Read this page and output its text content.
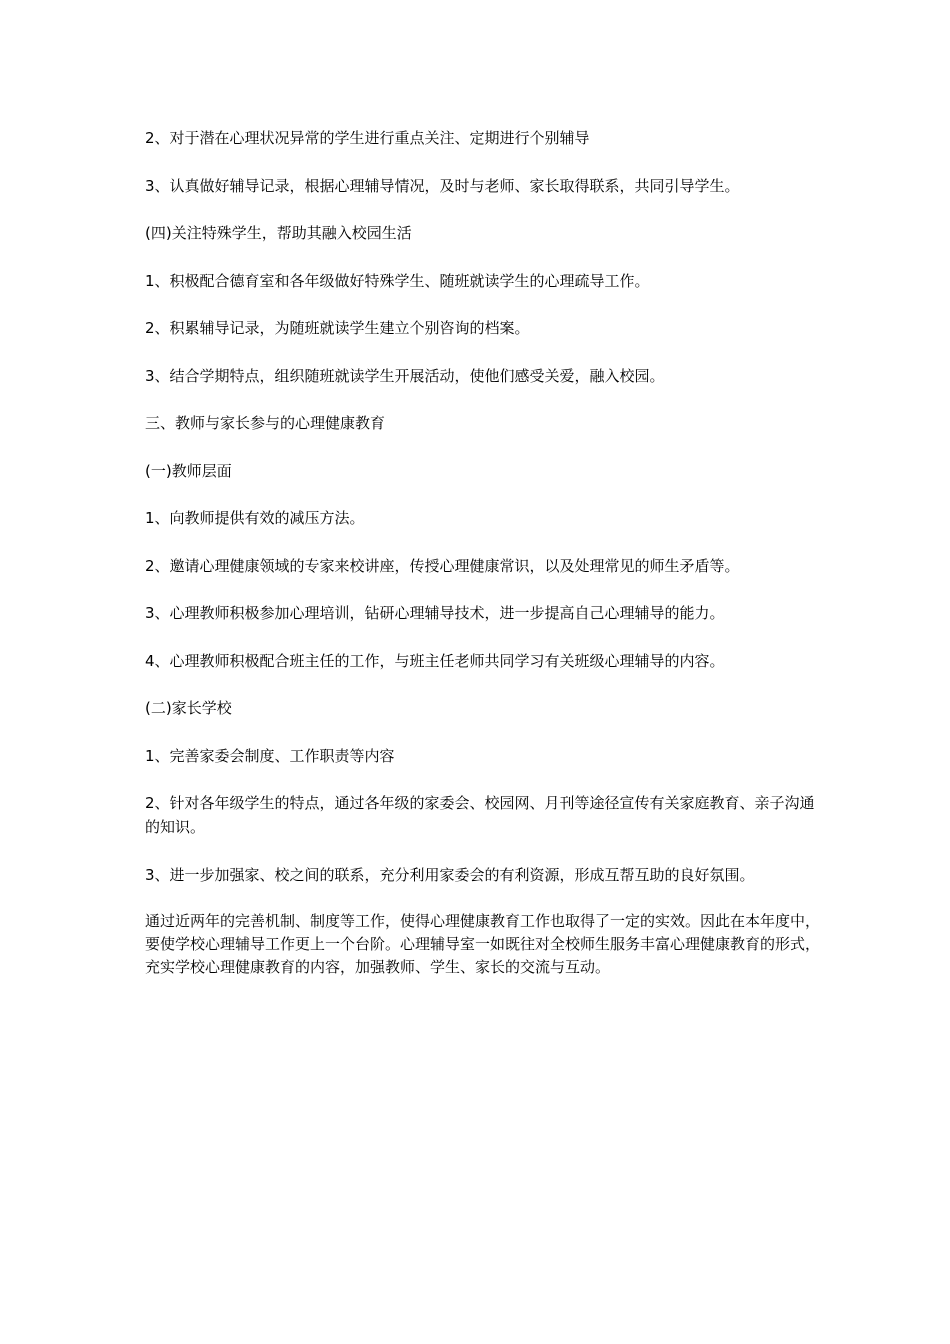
2、对于潜在心理状况异常的学生进行重点关注、定期进行个别辅导

3、认真做好辅导记录，根据心理辅导情况，及时与老师、家长取得联系，共同引导学生。

(四)关注特殊学生，帮助其融入校园生活

1、积极配合德育室和各年级做好特殊学生、随班就读学生的心理疏导工作。

2、积累辅导记录，为随班就读学生建立个别咨询的档案。

3、结合学期特点，组织随班就读学生开展活动，使他们感受关爱，融入校园。

三、教师与家长参与的心理健康教育

(一)教师层面

1、向教师提供有效的减压方法。

2、邀请心理健康领域的专家来校讲座，传授心理健康常识，以及处理常见的师生矛盾等。

3、心理教师积极参加心理培训，钻研心理辅导技术，进一步提高自己心理辅导的能力。

4、心理教师积极配合班主任的工作，与班主任老师共同学习有关班级心理辅导的内容。

(二)家长学校

1、完善家委会制度、工作职责等内容

2、针对各年级学生的特点，通过各年级的家委会、校园网、月刊等途径宣传有关家庭教育、亲子沟通的知识。

3、进一步加强家、校之间的联系，充分利用家委会的有利资源，形成互帮互助的良好氛围。

通过近两年的完善机制、制度等工作，使得心理健康教育工作也取得了一定的实效。因此在本年度中，要使学校心理辅导工作更上一个台阶。心理辅导室一如既往对全校师生服务丰富心理健康教育的形式，充实学校心理健康教育的内容，加强教师、学生、家长的交流与互动。
